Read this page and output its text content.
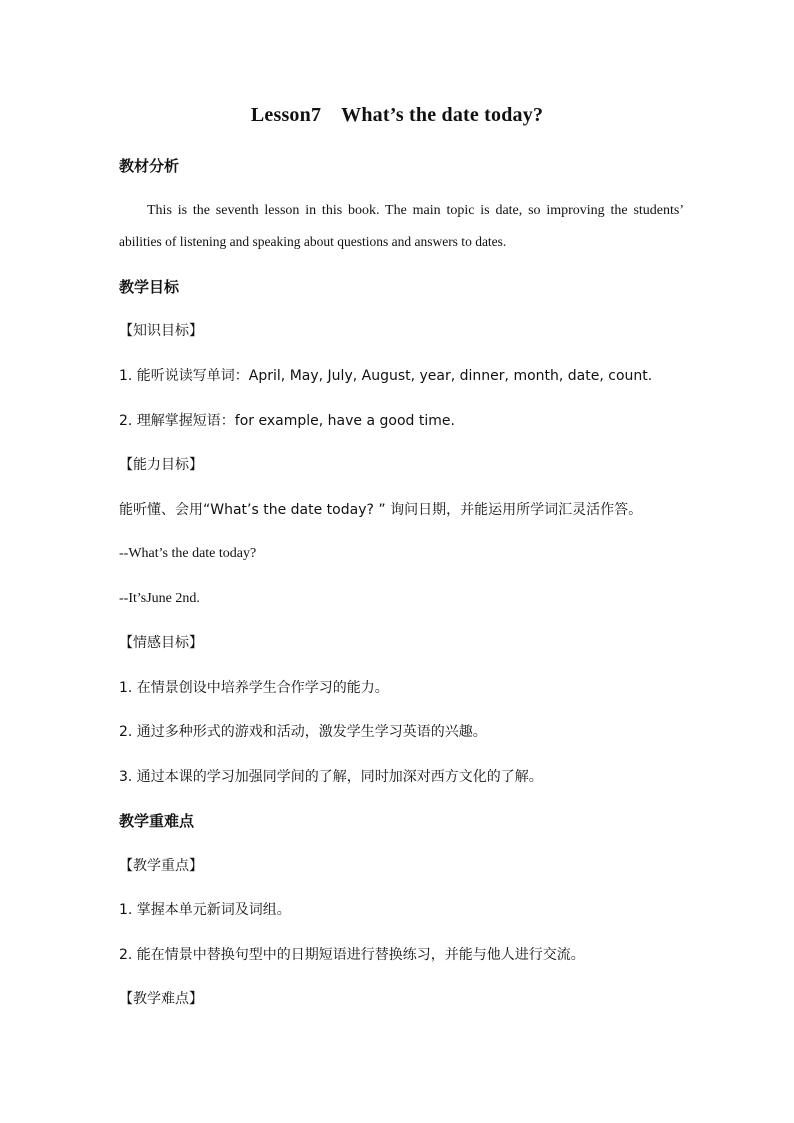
Lesson7 What’s the date today?
教材分析
This is the seventh lesson in this book. The main topic is date, so improving the students’
abilities of listening and speaking about questions and answers to dates.
教学目标
【知识目标】
1. 能听说读写单词：April, May, July, August, year, dinner, month, date, count.
2. 理解掌握短语：for example, have a good time.
【能力目标】
能听懂、会用“What’s the date today? ” 询问日期，并能运用所学词汇灵活作答。
--What’s the date today?
--It’sJune 2nd.
【情感目标】
1. 在情景创设中培养学生合作学习的能力。
2. 通过多种形式的游戏和活动，激发学生学习英语的兴趣。
3. 通过本课的学习加强同学间的了解，同时加深对西方文化的了解。
教学重难点
【教学重点】
1. 掌握本单元新词及词组。
2. 能在情景中替换句型中的日期短语进行替换练习，并能与他人进行交流。
【教学难点】
